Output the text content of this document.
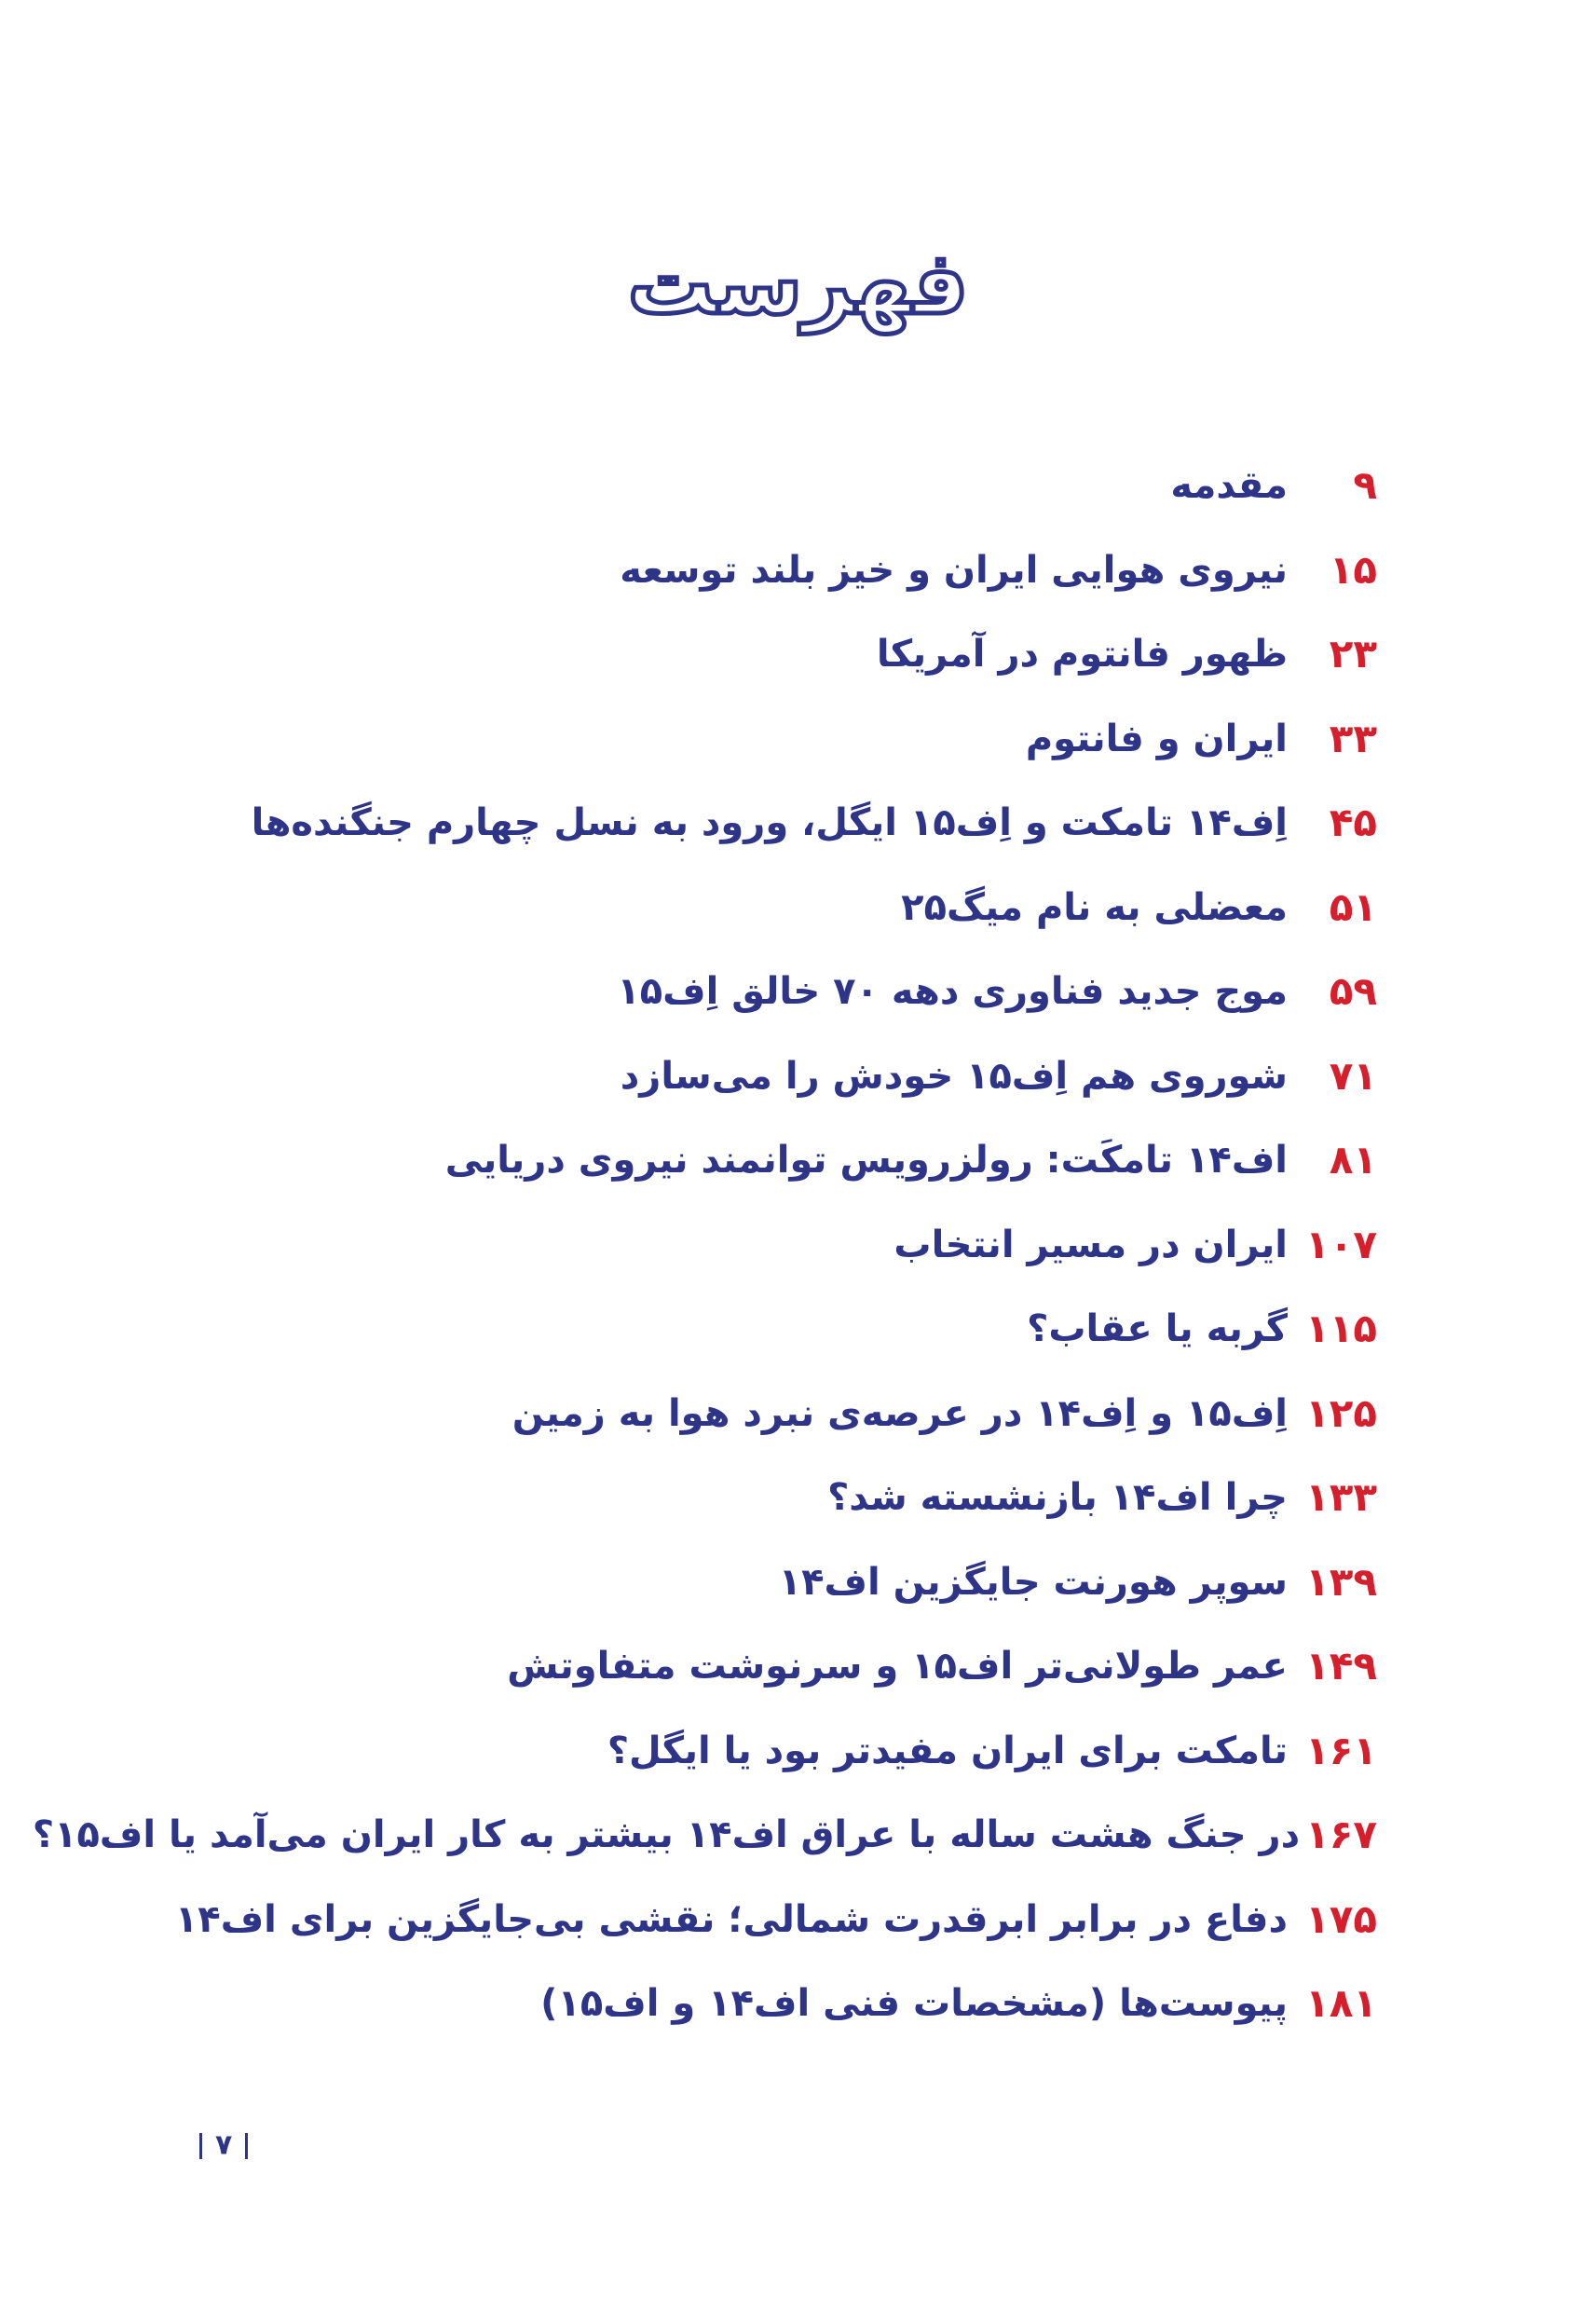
فهرست
۹
مقدمه
۱۵
نیروی هوایی ایران و خیز بلند توسعه
۲۳
ظهور فانتوم در آمریکا
۳۳
ایران و فانتوم
۴۵
اِف‌۱۴ تامکت و اِف‌۱۵ ایگل، ورود به نسل چهارم جنگنده‌ها
۵۱
معضلی به نام میگ۲۵
۵۹
موج جدید فناوری دهه ۷۰ خالق اِف‌۱۵
۷۱
شوروی هم اِف‌۱۵ خودش را می‌سازد
۸۱
اف‌۱۴ تامکَت: رولزرویس توانمند نیروی دریایی
۱۰۷
ایران در مسیر انتخاب
۱۱۵
گربه یا عقاب؟
۱۲۵
اِف‌۱۵ و اِف‌۱۴ در عرصه‌ی نبرد هوا به زمین
۱۳۳
چرا اف‌۱۴ بازنشسته شد؟
۱۳۹
سوپر هورنت جایگزین اف‌۱۴
۱۴۹
عمر طولانی‌تر اف‌۱۵ و سرنوشت متفاوتش
۱۶۱
تامکت برای ایران مفیدتر بود یا ایگل؟
۱۶۷
در جنگ هشت ساله با عراق اف‌۱۴ بیشتر به کار ایران می‌آمد یا اف‌۱۵؟
۱۷۵
دفاع در برابر ابرقدرت شمالی؛ نقشی بی‌جایگزین برای اف‌۱۴
۱۸۱
پیوست‌ها (مشخصات فنی اف‌۱۴ و اف‌۱۵)
۷
